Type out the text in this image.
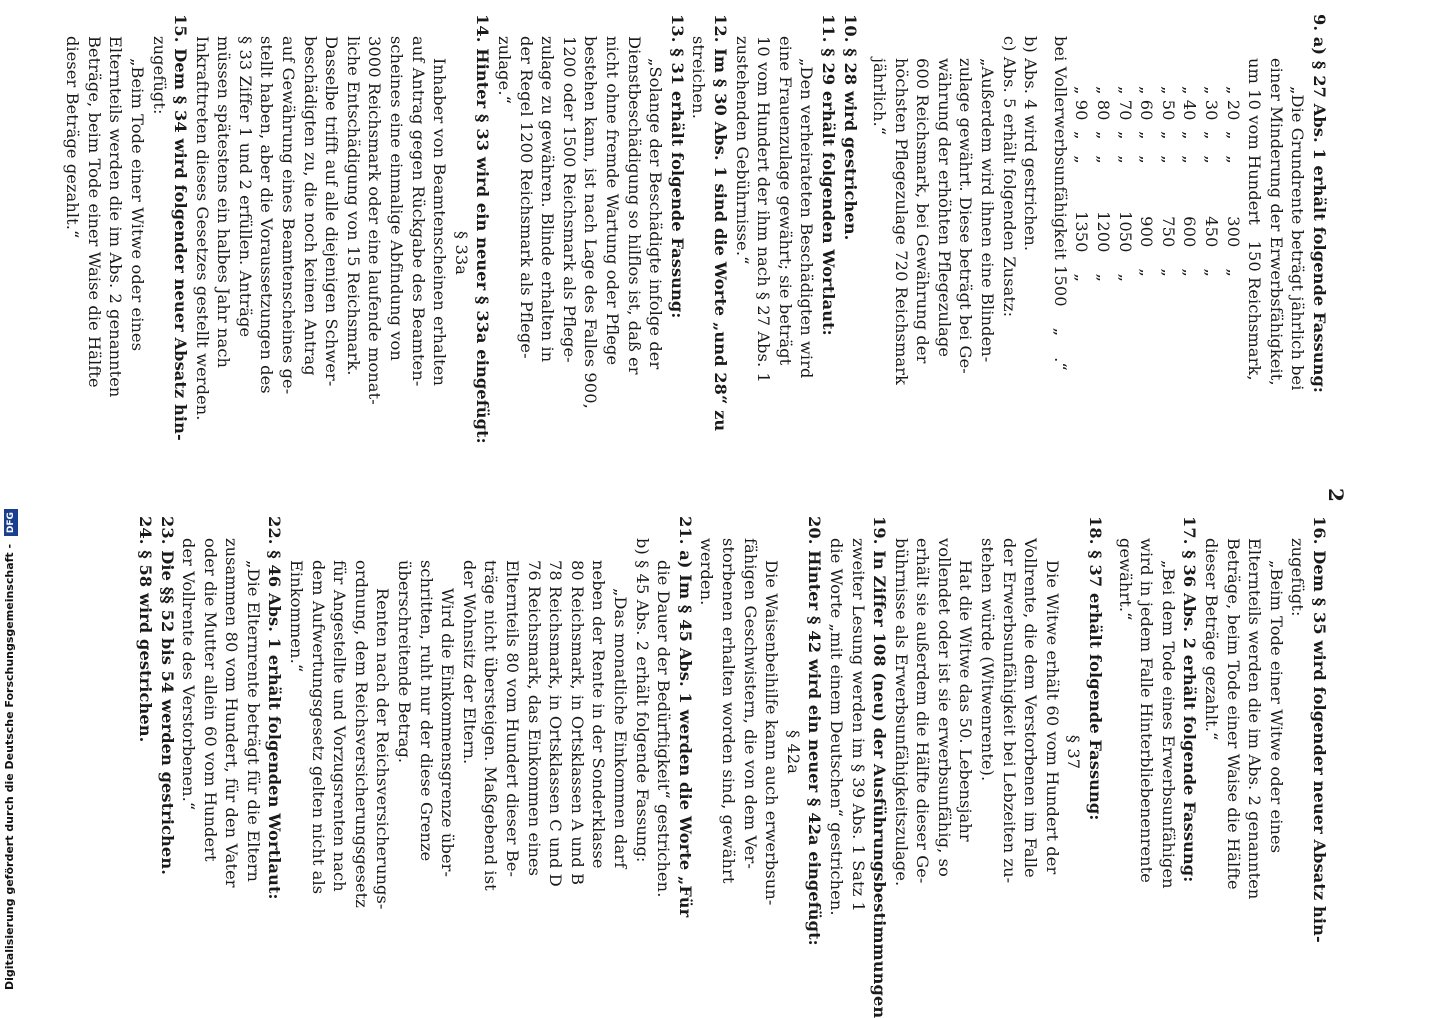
2
9. a) § 27 Abs. 1 erhält folgende Fassung:
„Die Grundrente beträgt jährlich bei
einer Minderung der Erwerbsfähigkeit,
um 10 vom Hundert   150 Reichsmark,
„ 20  „   „          300    „
„ 30  „   „          450    „
„ 40  „   „          600    „
„ 50  „   „          750    „
„ 60  „   „          900    „
„ 70  „   „         1050    „
„ 80  „   „         1200    „
„ 90  „   „         1350    „
bei Vollerwerbsunfähigkeit 1500    „    .“
b) Abs. 4 wird gestrichen.
c) Abs. 5 erhält folgenden Zusatz:
„Außerdem wird ihnen eine Blinden-
zulage gewährt. Diese beträgt bei Ge-
währung der erhöhten Pflegezulage
600 Reichsmark, bei Gewährung der
höchsten Pflegezulage 720 Reichsmark
jährlich.“
10. § 28 wird gestrichen.
11. § 29 erhält folgenden Wortlaut:
„Den verheirateten Beschädigten wird
eine Frauenzulage gewährt; sie beträgt
10 vom Hundert der ihm nach § 27 Abs. 1
zustehenden Gebührnisse.“
12. Im § 30 Abs. 1 sind die Worte „und 28“ zu
streichen.
13. § 31 erhält folgende Fassung:
„Solange der Beschädigte infolge der
Dienstbeschädigung so hilflos ist, daß er
nicht ohne fremde Wartung oder Pflege
bestehen kann, ist nach Lage des Falles 900,
1200 oder 1500 Reichsmark als Pflege-
zulage zu gewähren. Blinde erhalten in
der Regel 1200 Reichsmark als Pflege-
zulage.“
14. Hinter § 33 wird ein neuer § 33a eingefügt:
§ 33a
Inhaber von Beamtenscheinen erhalten
auf Antrag gegen Rückgabe des Beamten-
scheines eine einmalige Abfindung von
3000 Reichsmark oder eine laufende monat-
liche Entschädigung von 15 Reichsmark.
Dasselbe trifft auf alle diejenigen Schwer-
beschädigten zu, die noch keinen Antrag
auf Gewährung eines Beamtenscheines ge-
stellt haben, aber die Voraussetzungen des
§ 33 Ziffer 1 und 2 erfüllen. Anträge
müssen spätestens ein halbes Jahr nach
Inkrafttreten dieses Gesetzes gestellt werden.
15. Dem § 34 wird folgender neuer Absatz hin-
zugefügt:
„Beim Tode einer Witwe oder eines
Elternteils werden die im Abs. 2 genannten
Beträge, beim Tode einer Waise die Hälfte
dieser Beträge gezahlt.“
16. Dem § 35 wird folgender neuer Absatz hin-
zugefügt:
„Beim Tode einer Witwe oder eines
Elternteils werden die im Abs. 2 genannten
Beträge, beim Tode einer Waise die Hälfte
dieser Beträge gezahlt.“
17. § 36 Abs. 2 erhält folgende Fassung:
„Bei dem Tode eines Erwerbsunfähigen
wird in jedem Falle Hinterbliebenenrente
gewährt.“
18. § 37 erhält folgende Fassung:
§ 37
Die Witwe erhält 60 vom Hundert der
Vollrente, die dem Verstorbenen im Falle
der Erwerbsunfähigkeit bei Lebzeiten zu-
stehen würde (Witwenrente).
Hat die Witwe das 50. Lebensjahr
vollendet oder ist sie erwerbsunfähig, so
erhält sie außerdem die Hälfte dieser Ge-
bührnisse als Erwerbsunfähigkeitszulage.
19. In Ziffer 108 (neu) der Ausführungsbestimmungen
zweiter Lesung werden im § 39 Abs. 1 Satz 1
die Worte „mit einem Deutschen“ gestrichen.
20. Hinter § 42 wird ein neuer § 42a eingefügt:
§ 42a
Die Waisenbeihilfe kann auch erwerbsun-
fähigen Geschwistern, die von dem Ver-
storbenen erhalten worden sind, gewährt
werden.
21. a) Im § 45 Abs. 1 werden die Worte „Für
die Dauer der Bedürftigkeit“ gestrichen.
b) § 45 Abs. 2 erhält folgende Fassung:
„Das monatliche Einkommen darf
neben der Rente in der Sonderklasse
80 Reichsmark, in Ortsklassen A und B
78 Reichsmark, in Ortsklassen C und D
76 Reichsmark, das Einkommen eines
Elternteils 80 vom Hundert dieser Be-
träge nicht übersteigen. Maßgebend ist
der Wohnsitz der Eltern.
Wird die Einkommensgrenze über-
schritten, ruht nur der diese Grenze
überschreitende Betrag.
Renten nach der Reichsversicherungs-
ordnung, dem Reichsversicherungsgesetz
für Angestellte und Vorzugsrenten nach
dem Aufwertungsgesetz gelten nicht als
Einkommen.“
22. § 46 Abs. 1 erhält folgenden Wortlaut:
„Die Elternrente beträgt für die Eltern
zusammen 80 vom Hundert, für den Vater
oder die Mutter allein 60 vom Hundert
der Vollrente des Verstorbenen.“
23. Die §§ 52 bis 54 werden gestrichen.
24. § 58 wird gestrichen.
Digitalisierung gefördert durch die Deutsche Forschungsgemeinschaft - DFG
